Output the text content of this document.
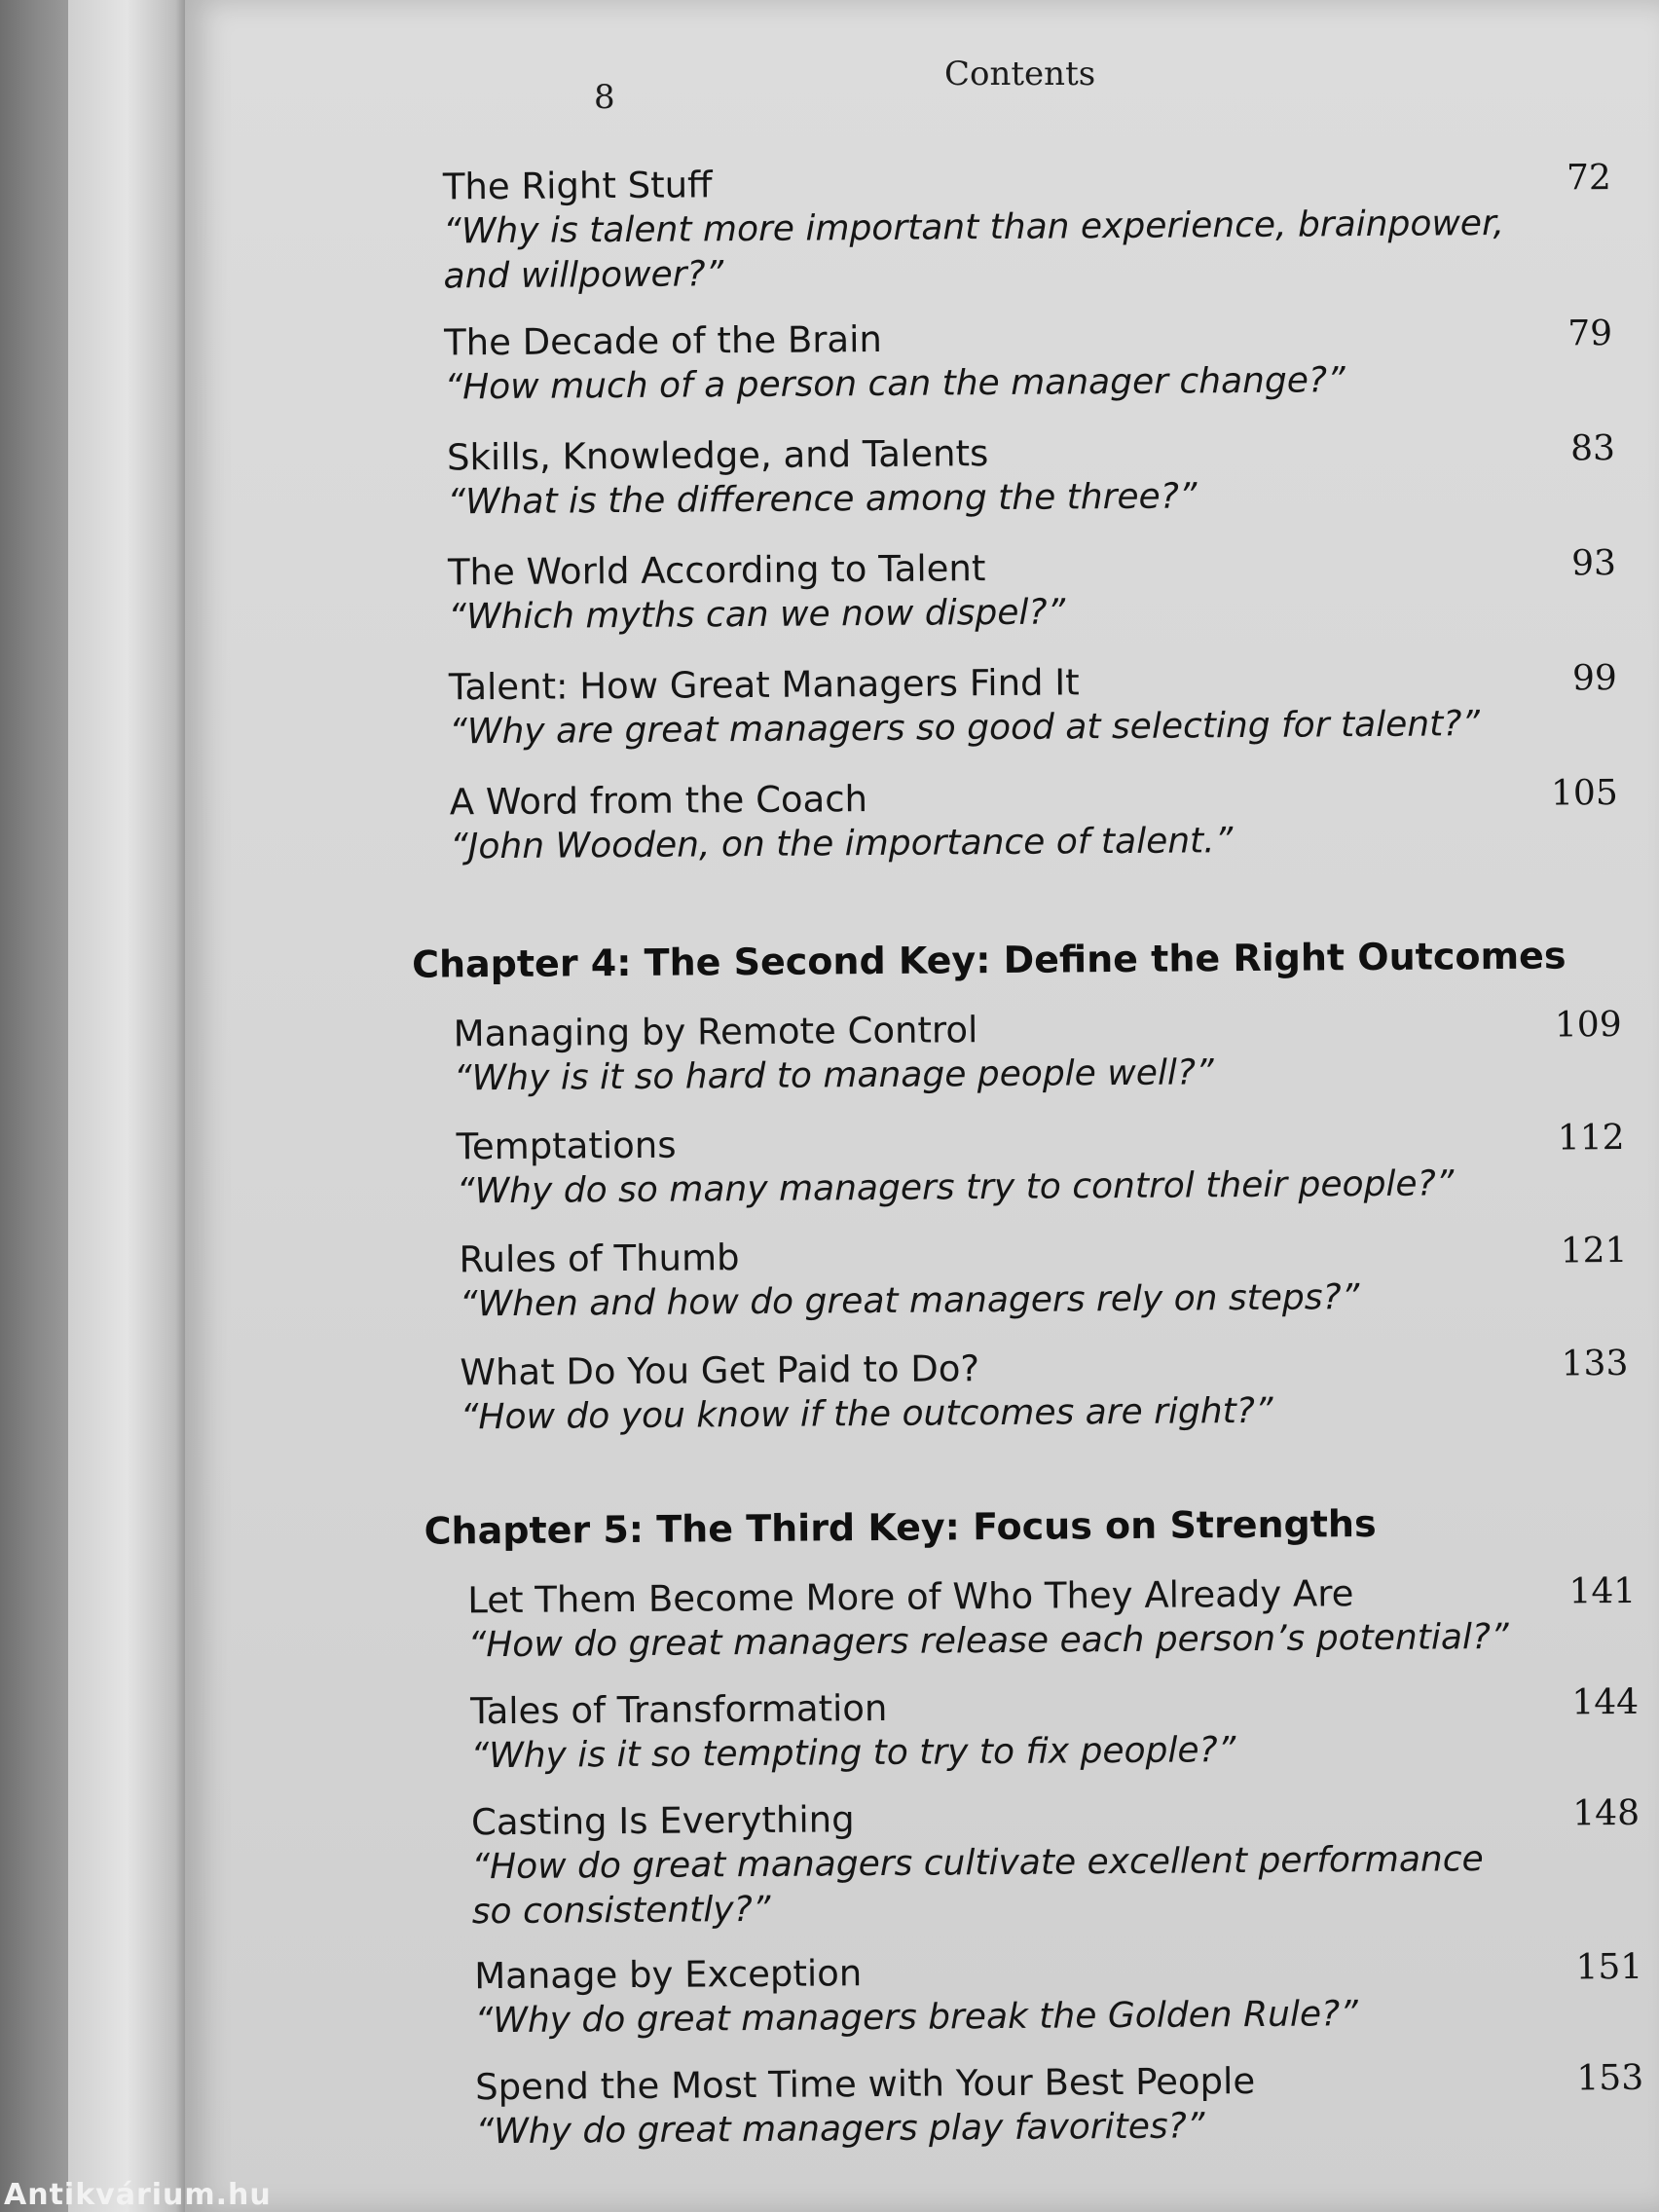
Contents
8
The Right Stuff
“Why is talent more important than experience, brainpower,
and willpower?”
72
The Decade of the Brain
“How much of a person can the manager change?”
79
Skills, Knowledge, and Talents
“What is the difference among the three?”
83
The World According to Talent
“Which myths can we now dispel?”
93
Talent: How Great Managers Find It
“Why are great managers so good at selecting for talent?”
99
A Word from the Coach
“John Wooden, on the importance of talent.”
105
Chapter 4: The Second Key: Define the Right Outcomes
Managing by Remote Control
“Why is it so hard to manage people well?”
109
Temptations
“Why do so many managers try to control their people?”
112
Rules of Thumb
“When and how do great managers rely on steps?”
121
What Do You Get Paid to Do?
“How do you know if the outcomes are right?”
133
Chapter 5: The Third Key: Focus on Strengths
Let Them Become More of Who They Already Are
“How do great managers release each person’s potential?”
141
Tales of Transformation
“Why is it so tempting to try to fix people?”
144
Casting Is Everything
“How do great managers cultivate excellent performance
so consistently?”
148
Manage by Exception
“Why do great managers break the Golden Rule?”
151
Spend the Most Time with Your Best People
“Why do great managers play favorites?”
153
Antikvárium.hu
